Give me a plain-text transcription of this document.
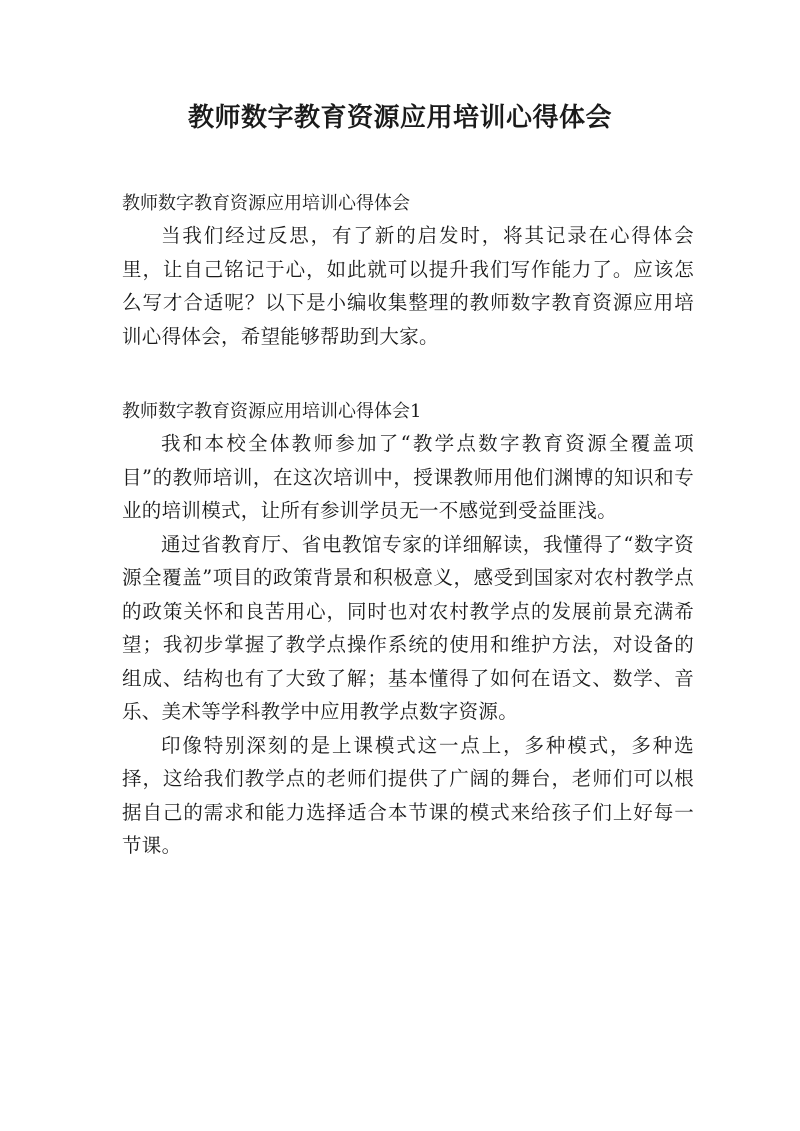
教师数字教育资源应用培训心得体会

教师数字教育资源应用培训心得体会

当我们经过反思，有了新的启发时，将其记录在心得体会里，让自己铭记于心，如此就可以提升我们写作能力了。应该怎么写才合适呢？以下是小编收集整理的教师数字教育资源应用培训心得体会，希望能够帮助到大家。

教师数字教育资源应用培训心得体会1

我和本校全体教师参加了“教学点数字教育资源全覆盖项目”的教师培训，在这次培训中，授课教师用他们渊博的知识和专业的培训模式，让所有参训学员无一不感觉到受益匪浅。

通过省教育厅、省电教馆专家的详细解读，我懂得了“数字资源全覆盖”项目的政策背景和积极意义，感受到国家对农村教学点的政策关怀和良苦用心，同时也对农村教学点的发展前景充满希望；我初步掌握了教学点操作系统的使用和维护方法，对设备的组成、结构也有了大致了解；基本懂得了如何在语文、数学、音乐、美术等学科教学中应用教学点数字资源。

印像特别深刻的是上课模式这一点上，多种模式，多种选择，这给我们教学点的老师们提供了广阔的舞台，老师们可以根据自己的需求和能力选择适合本节课的模式来给孩子们上好每一节课。
